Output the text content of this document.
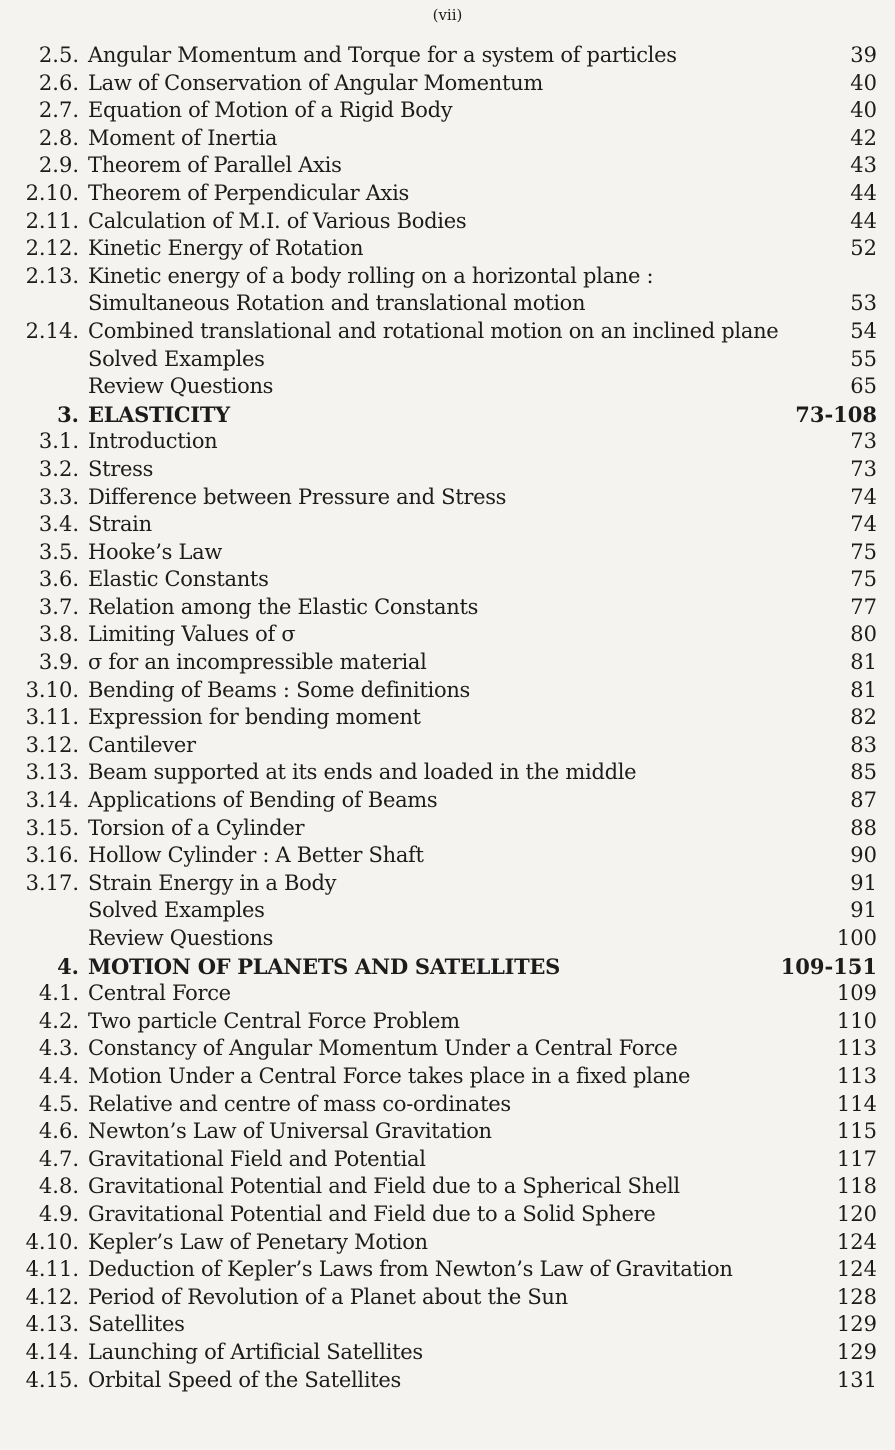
(vii)
2.5. Angular Momentum and Torque for a system of particles	39
2.6. Law of Conservation of Angular Momentum	40
2.7. Equation of Motion of a Rigid Body	40
2.8. Moment of Inertia	42
2.9. Theorem of Parallel Axis	43
2.10. Theorem of Perpendicular Axis	44
2.11. Calculation of M.I. of Various Bodies	44
2.12. Kinetic Energy of Rotation	52
2.13. Kinetic energy of a body rolling on a horizontal plane :
Simultaneous Rotation and translational motion	53
2.14. Combined translational and rotational motion on an inclined plane	54
Solved Examples	55
Review Questions	65
3. ELASTICITY	73-108
3.1. Introduction	73
3.2. Stress	73
3.3. Difference between Pressure and Stress	74
3.4. Strain	74
3.5. Hooke’s Law	75
3.6. Elastic Constants	75
3.7. Relation among the Elastic Constants	77
3.8. Limiting Values of σ	80
3.9. σ for an incompressible material	81
3.10. Bending of Beams : Some definitions	81
3.11. Expression for bending moment	82
3.12. Cantilever	83
3.13. Beam supported at its ends and loaded in the middle	85
3.14. Applications of Bending of Beams	87
3.15. Torsion of a Cylinder	88
3.16. Hollow Cylinder : A Better Shaft	90
3.17. Strain Energy in a Body	91
Solved Examples	91
Review Questions	100
4. MOTION OF PLANETS AND SATELLITES	109-151
4.1. Central Force	109
4.2. Two particle Central Force Problem	110
4.3. Constancy of Angular Momentum Under a Central Force	113
4.4. Motion Under a Central Force takes place in a fixed plane	113
4.5. Relative and centre of mass co-ordinates	114
4.6. Newton’s Law of Universal Gravitation	115
4.7. Gravitational Field and Potential	117
4.8. Gravitational Potential and Field due to a Spherical Shell	118
4.9. Gravitational Potential and Field due to a Solid Sphere	120
4.10. Kepler’s Law of Penetary Motion	124
4.11. Deduction of Kepler’s Laws from Newton’s Law of Gravitation	124
4.12. Period of Revolution of a Planet about the Sun	128
4.13. Satellites	129
4.14. Launching of Artificial Satellites	129
4.15. Orbital Speed of the Satellites	131
